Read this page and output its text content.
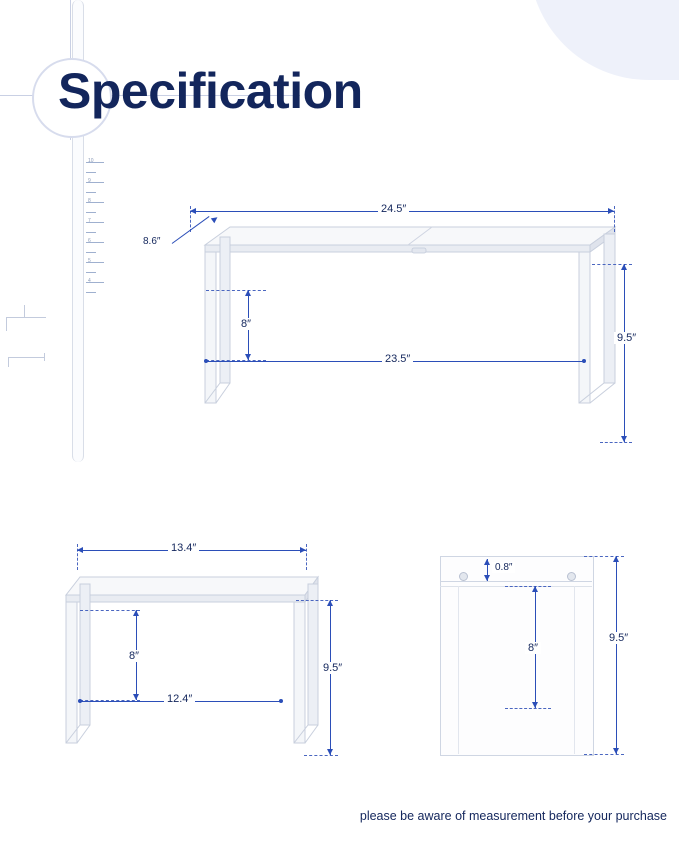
Specification
10
9
8
7
6
5
4
24.5″
8.6″
8″
23.5″
9.5″
13.4″
8″
12.4″
9.5″
0.8″
8″
9.5″
please be aware of measurement before your purchase
